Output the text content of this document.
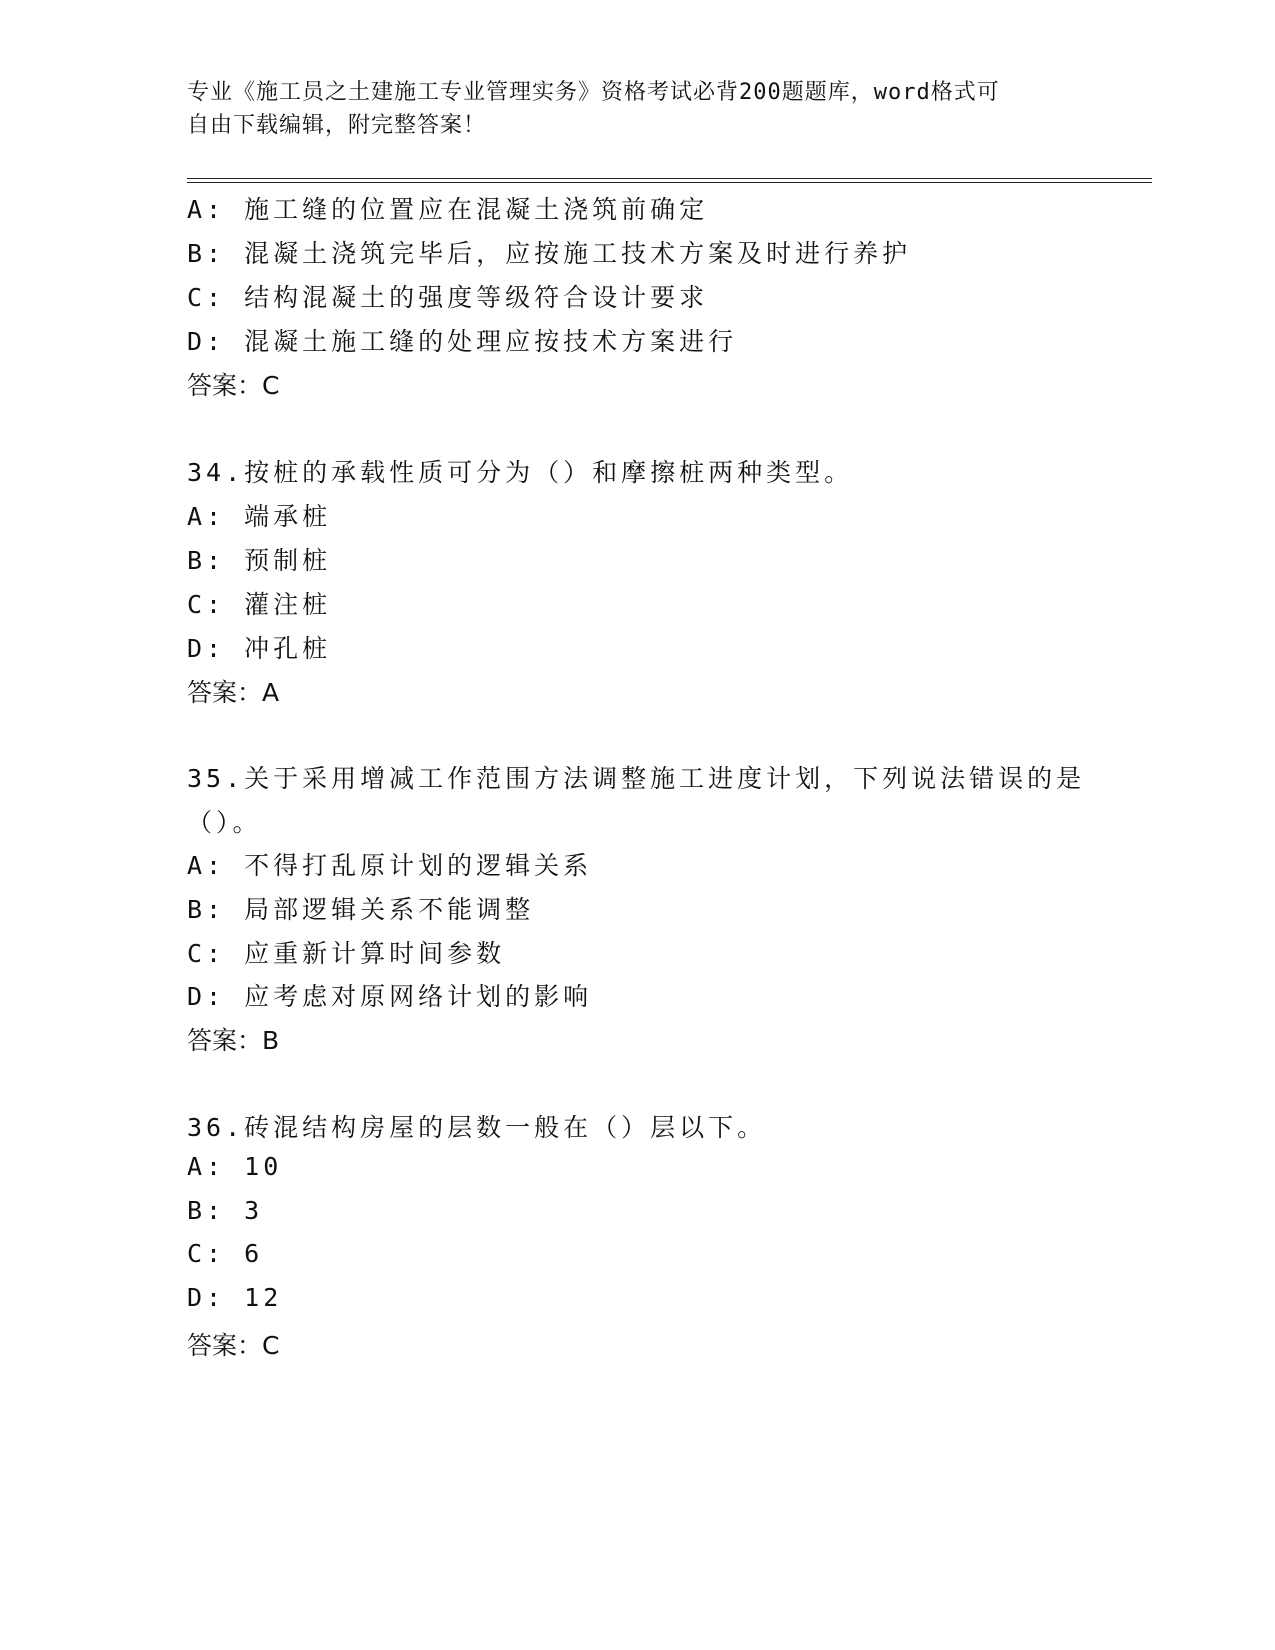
专业《施工员之土建施工专业管理实务》资格考试必背200题题库，word格式可
自由下载编辑，附完整答案！
A: 施工缝的位置应在混凝土浇筑前确定
B: 混凝土浇筑完毕后，应按施工技术方案及时进行养护
C: 结构混凝土的强度等级符合设计要求
D: 混凝土施工缝的处理应按技术方案进行
答案：C
34.按桩的承载性质可分为（）和摩擦桩两种类型。
A: 端承桩
B: 预制桩
C: 灌注桩
D: 冲孔桩
答案：A
35.关于采用增减工作范围方法调整施工进度计划，下列说法错误的是
（）。
A: 不得打乱原计划的逻辑关系
B: 局部逻辑关系不能调整
C: 应重新计算时间参数
D: 应考虑对原网络计划的影响
答案：B
36.砖混结构房屋的层数一般在（）层以下。
A: 10
B: 3
C: 6
D: 12
答案：C
